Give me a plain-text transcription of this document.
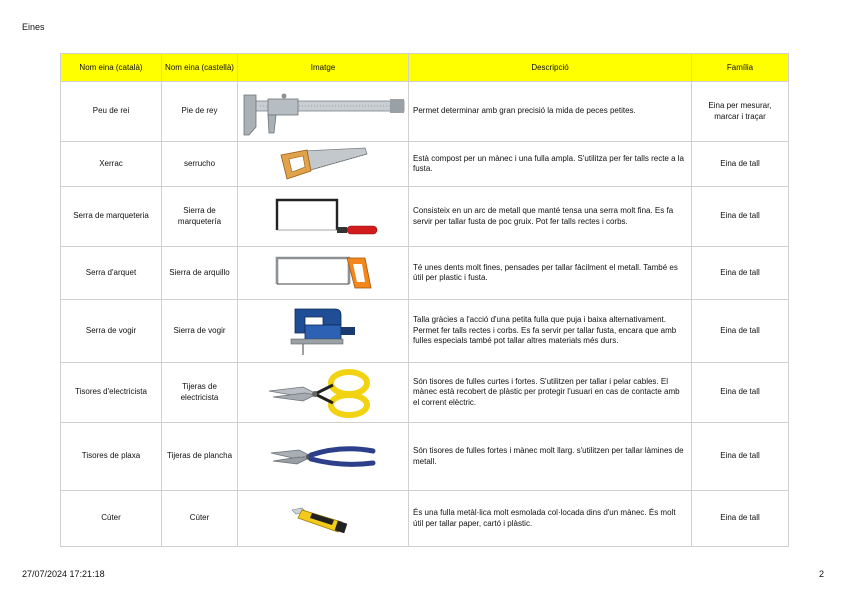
Eines
Nom eina (català)	Nom eina (castellà)	Imatge	Descripció	Família
Peu de rei	Pie de rey		Permet determinar amb gran precisió la mida de peces petites.	Eina per mesurar, marcar i traçar
Xerrac	serrucho		Està compost per un mànec i una fulla ampla. S'utilitza per fer talls recte a la fusta.	Eina de tall
Serra de marqueteria	Sierra de marquetería		Consisteix en un arc de metall que manté tensa una serra molt fina. Es fa servir per tallar fusta de poc gruix. Pot fer talls rectes i corbs.	Eina de tall
Serra d'arquet	Sierra de arquillo		Té unes dents molt fines, pensades per tallar fàcilment el metall. També es útil per plastic i fusta.	Eina de tall
Serra de vogir	Sierra de vogir		Talla gràcies a l'acció d'una petita fulla que puja i baixa alternativament. Permet fer talls rectes i corbs. Es fa servir per tallar fusta, encara que amb fulles especials també pot tallar altres materials més durs.	Eina de tall
Tisores d'electricista	Tijeras de electricista		Són tisores de fulles curtes i fortes. S'utilitzen per tallar i pelar cables. El mànec està recobert de plàstic per protegir l'usuari en cas de contacte amb el corrent elèctric.	Eina de tall
Tisores de plaxa	Tijeras de plancha		Són tisores de fulles fortes i mànec molt llarg. s'utilitzen per tallar làmines de metall.	Eina de tall
Cúter	Cúter		És una fulla metàl·lica molt esmolada col·locada dins d'un mànec. És molt útil per tallar paper, cartó i plàstic.	Eina de tall
27/07/2024 17:21:18	2
